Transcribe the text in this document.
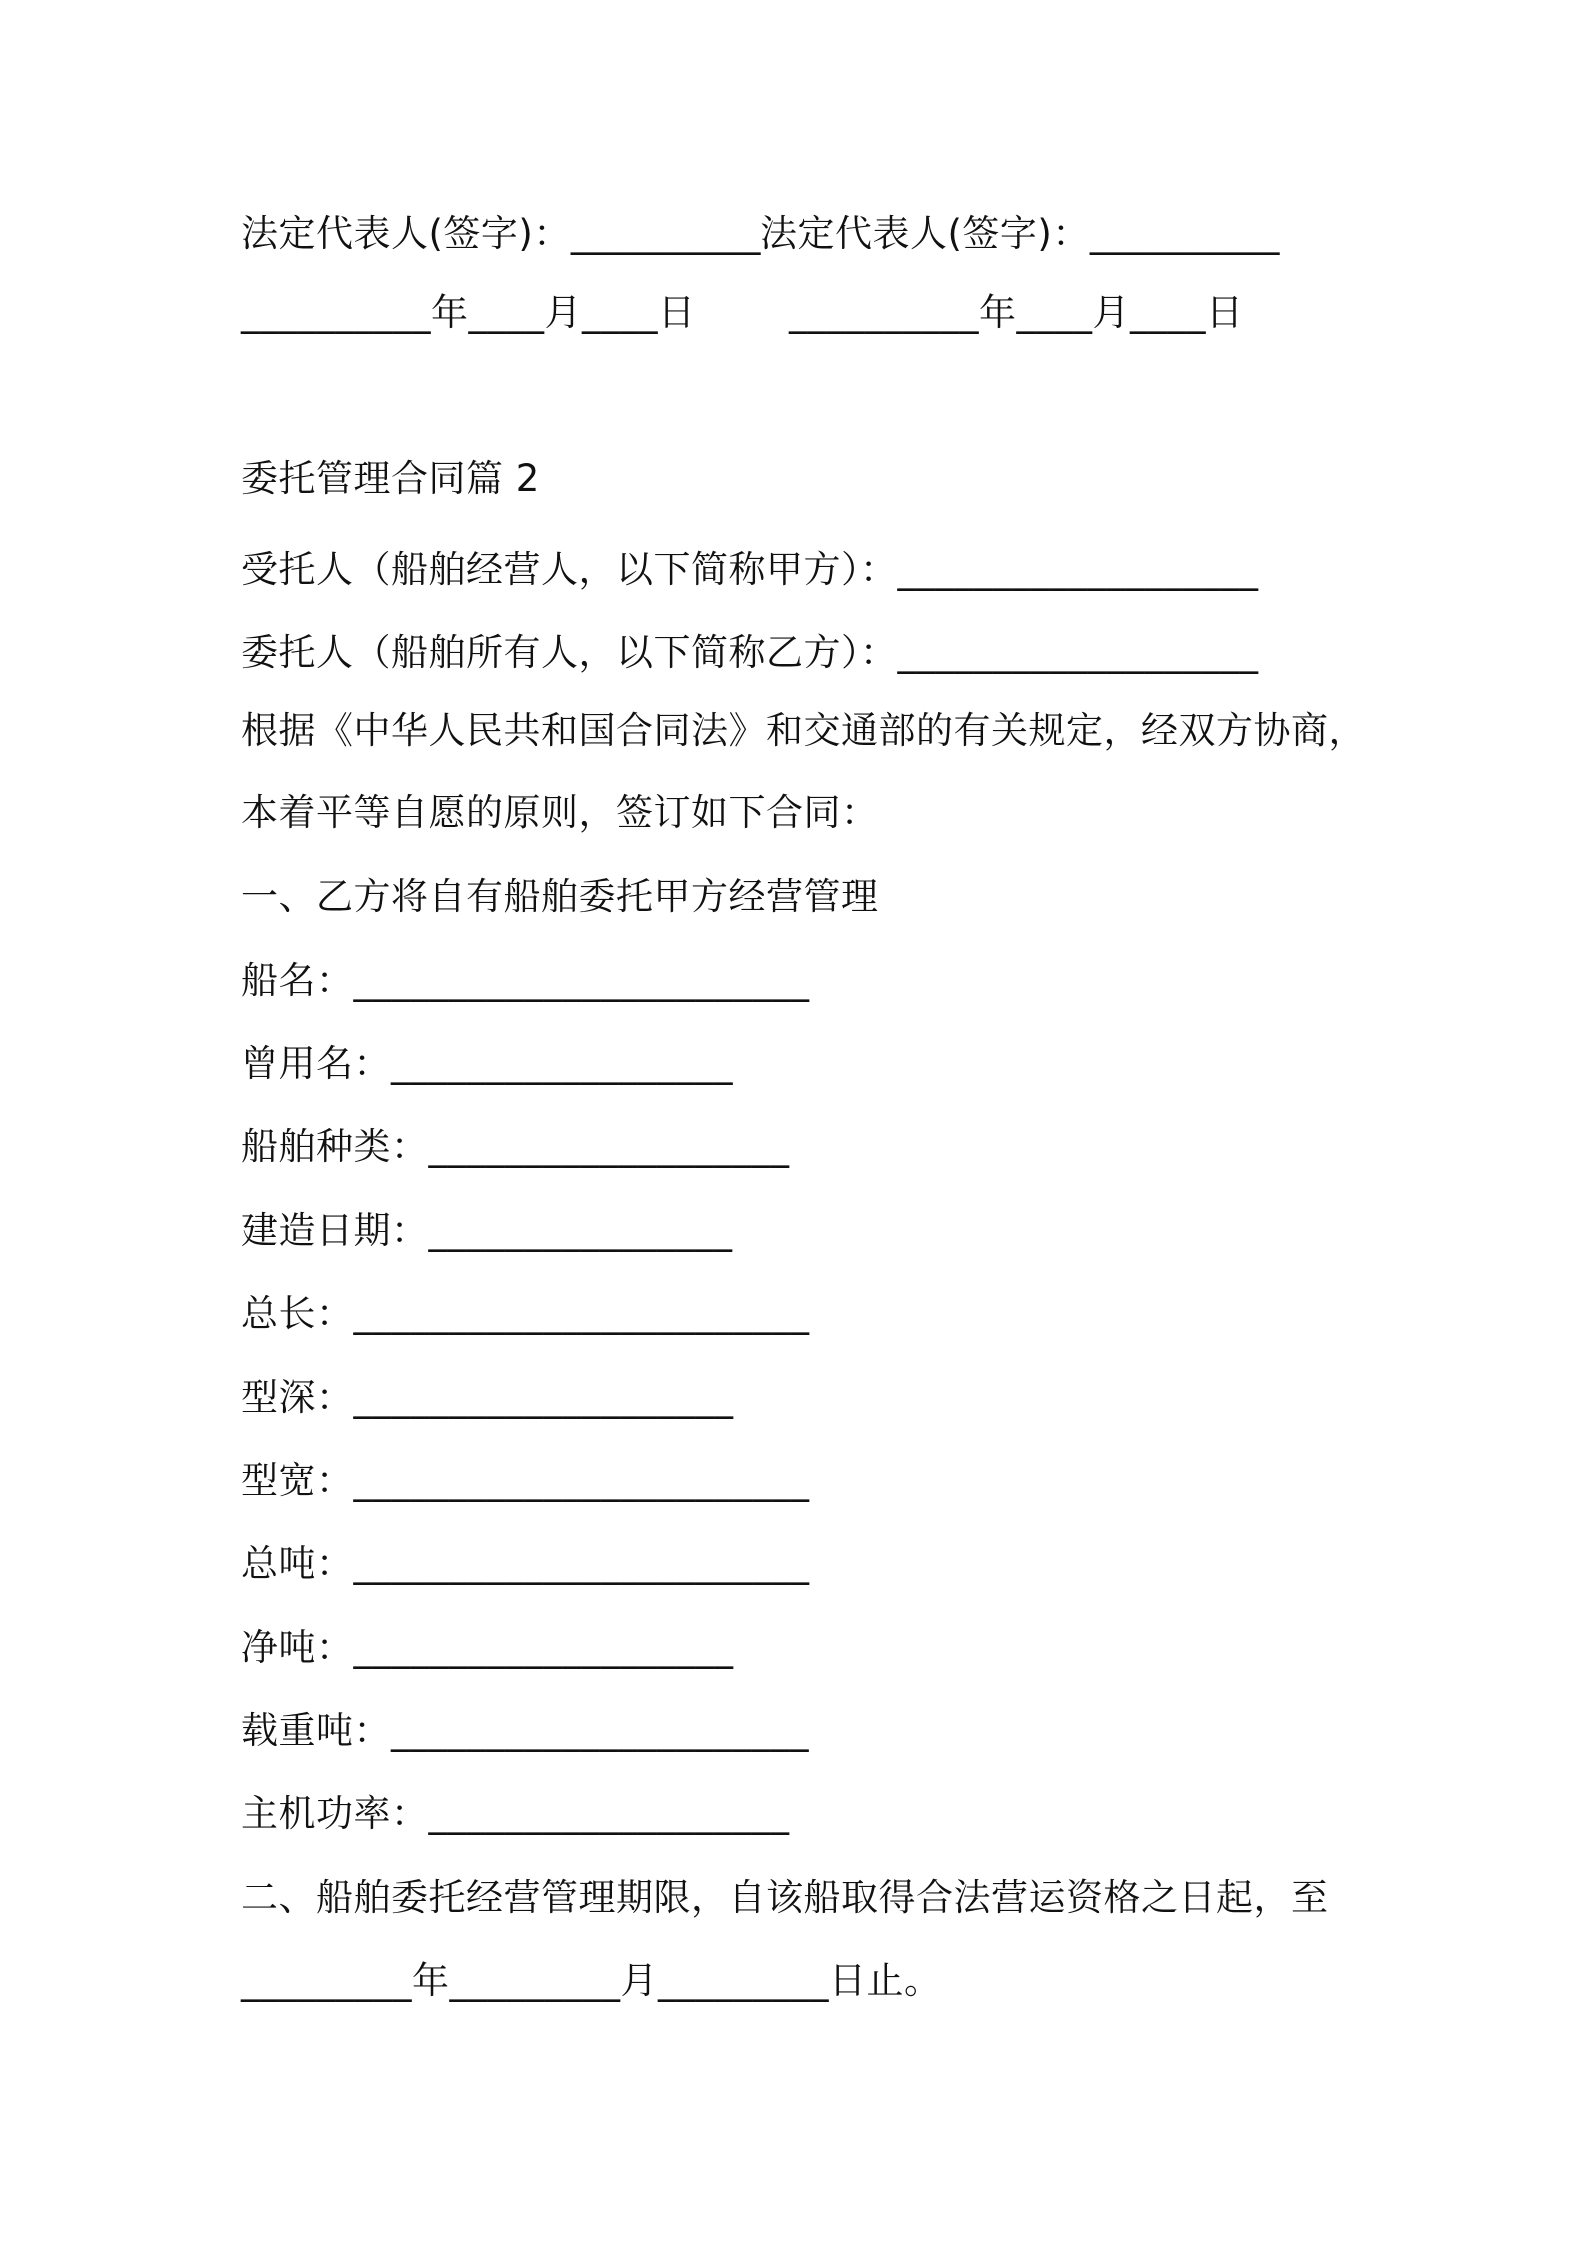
法定代表人(签字)：__________ 法定代表人(签字)：__________
__________年____月____日	__________年____月____日
委托管理合同篇 2
受托人（船舶经营人，以下简称甲方）：___________________
委托人（船舶所有人，以下简称乙方）：___________________
根据《中华人民共和国合同法》和交通部的有关规定，经双方协商，
本着平等自愿的原则，签订如下合同：
一、乙方将自有船舶委托甲方经营管理
船名：________________________
曾用名：__________________
船舶种类：___________________
建造日期：________________
总长：________________________
型深：____________________
型宽：________________________
总吨：________________________
净吨：____________________
载重吨：______________________
主机功率：___________________
二、船舶委托经营管理期限，自该船取得合法营运资格之日起，至
_________年_________月_________日止。
